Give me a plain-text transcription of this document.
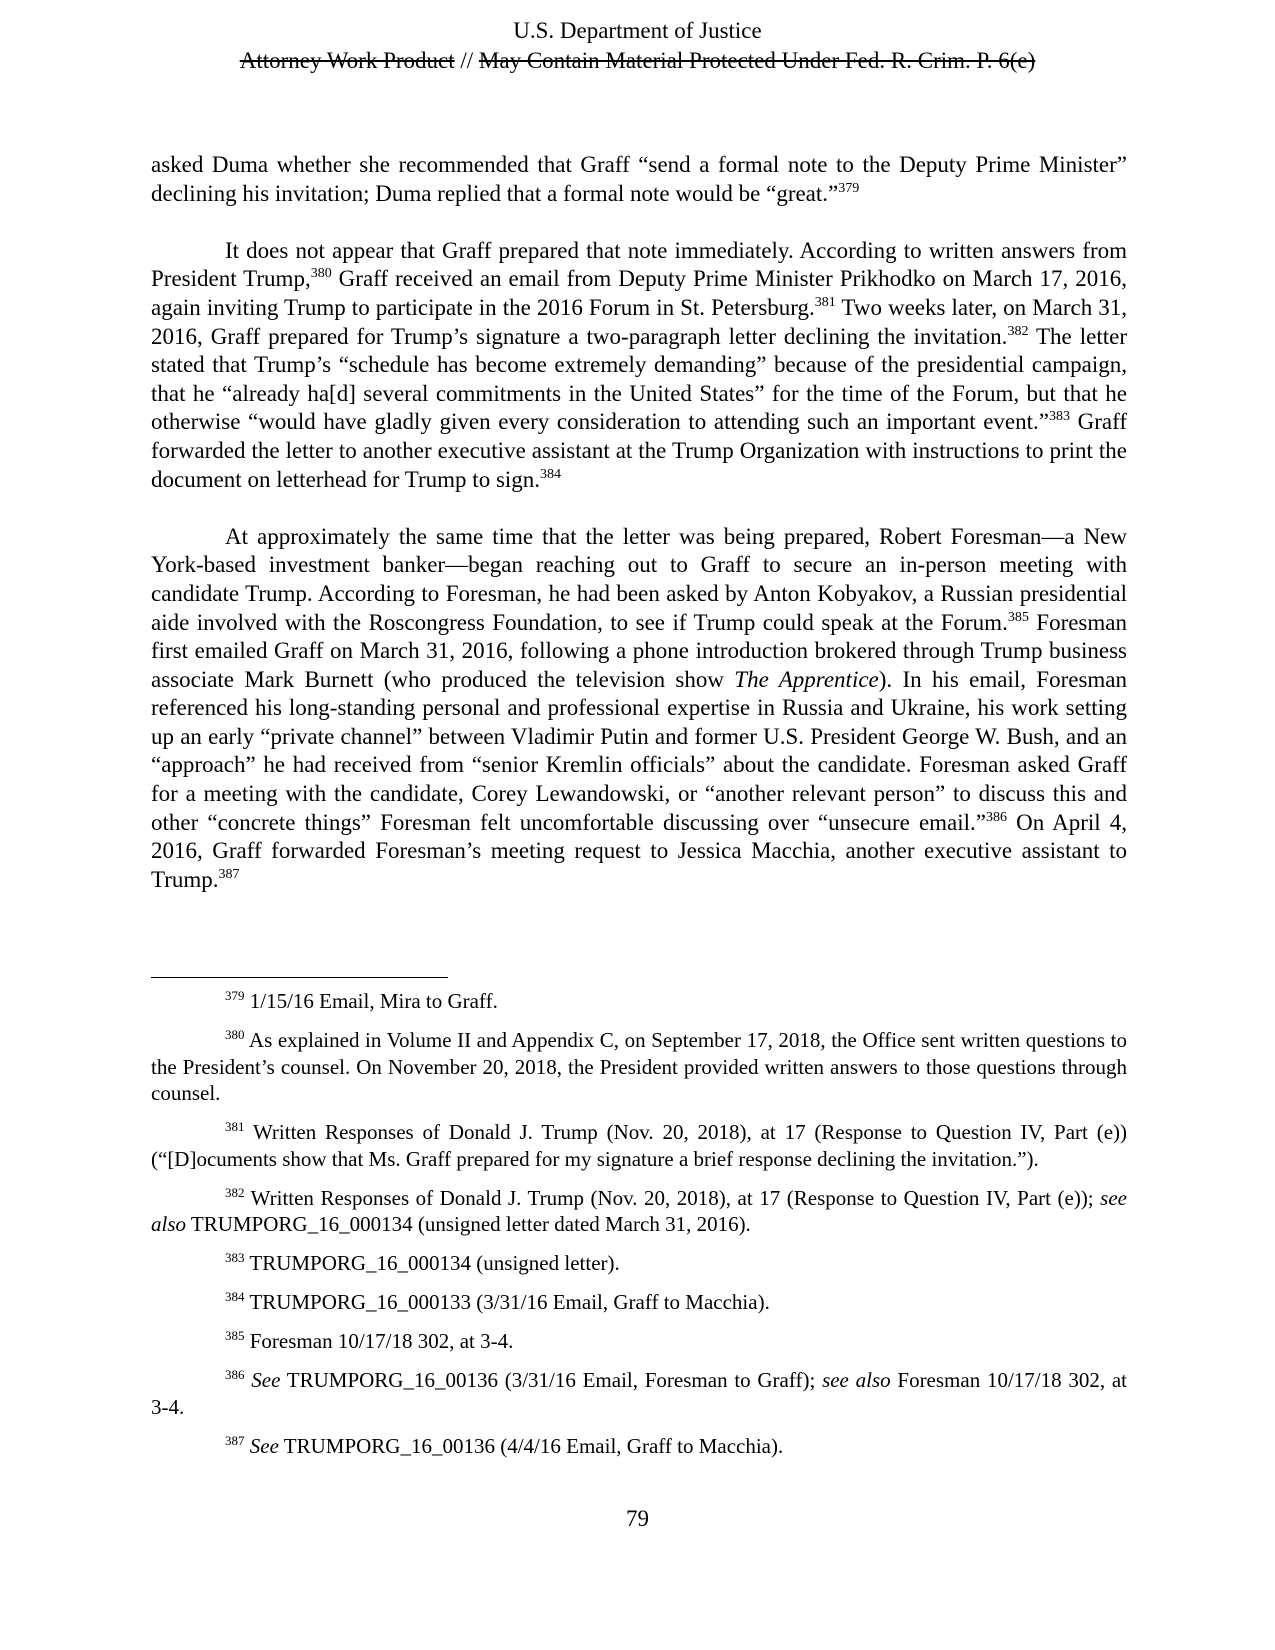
U.S. Department of Justice
Attorney Work Product // May Contain Material Protected Under Fed. R. Crim. P. 6(e)

asked Duma whether she recommended that Graff “send a formal note to the Deputy Prime Minister” declining his invitation; Duma replied that a formal note would be “great.”$^{379}$

It does not appear that Graff prepared that note immediately. According to written answers from President Trump,$^{380}$ Graff received an email from Deputy Prime Minister Prikhodko on March 17, 2016, again inviting Trump to participate in the 2016 Forum in St. Petersburg.$^{381}$ Two weeks later, on March 31, 2016, Graff prepared for Trump’s signature a two-paragraph letter declining the invitation.$^{382}$ The letter stated that Trump’s “schedule has become extremely demanding” because of the presidential campaign, that he “already ha[d] several commitments in the United States” for the time of the Forum, but that he otherwise “would have gladly given every consideration to attending such an important event.”$^{383}$ Graff forwarded the letter to another executive assistant at the Trump Organization with instructions to print the document on letterhead for Trump to sign.$^{384}$

At approximately the same time that the letter was being prepared, Robert Foresman—a New York-based investment banker—began reaching out to Graff to secure an in-person meeting with candidate Trump. According to Foresman, he had been asked by Anton Kobyakov, a Russian presidential aide involved with the Roscongress Foundation, to see if Trump could speak at the Forum.$^{385}$ Foresman first emailed Graff on March 31, 2016, following a phone introduction brokered through Trump business associate Mark Burnett (who produced the television show The Apprentice). In his email, Foresman referenced his long-standing personal and professional expertise in Russia and Ukraine, his work setting up an early “private channel” between Vladimir Putin and former U.S. President George W. Bush, and an “approach” he had received from “senior Kremlin officials” about the candidate. Foresman asked Graff for a meeting with the candidate, Corey Lewandowski, or “another relevant person” to discuss this and other “concrete things” Foresman felt uncomfortable discussing over “unsecure email.”$^{386}$ On April 4, 2016, Graff forwarded Foresman’s meeting request to Jessica Macchia, another executive assistant to Trump.$^{387}$

$^{379}$ 1/15/16 Email, Mira to Graff.

$^{380}$ As explained in Volume II and Appendix C, on September 17, 2018, the Office sent written questions to the President’s counsel. On November 20, 2018, the President provided written answers to those questions through counsel.

$^{381}$ Written Responses of Donald J. Trump (Nov. 20, 2018), at 17 (Response to Question IV, Part (e)) (“[D]ocuments show that Ms. Graff prepared for my signature a brief response declining the invitation.”).

$^{382}$ Written Responses of Donald J. Trump (Nov. 20, 2018), at 17 (Response to Question IV, Part (e)); see also TRUMPORG_16_000134 (unsigned letter dated March 31, 2016).

$^{383}$ TRUMPORG_16_000134 (unsigned letter).

$^{384}$ TRUMPORG_16_000133 (3/31/16 Email, Graff to Macchia).

$^{385}$ Foresman 10/17/18 302, at 3-4.

$^{386}$ See TRUMPORG_16_00136 (3/31/16 Email, Foresman to Graff); see also Foresman 10/17/18 302, at 3-4.

$^{387}$ See TRUMPORG_16_00136 (4/4/16 Email, Graff to Macchia).

79
